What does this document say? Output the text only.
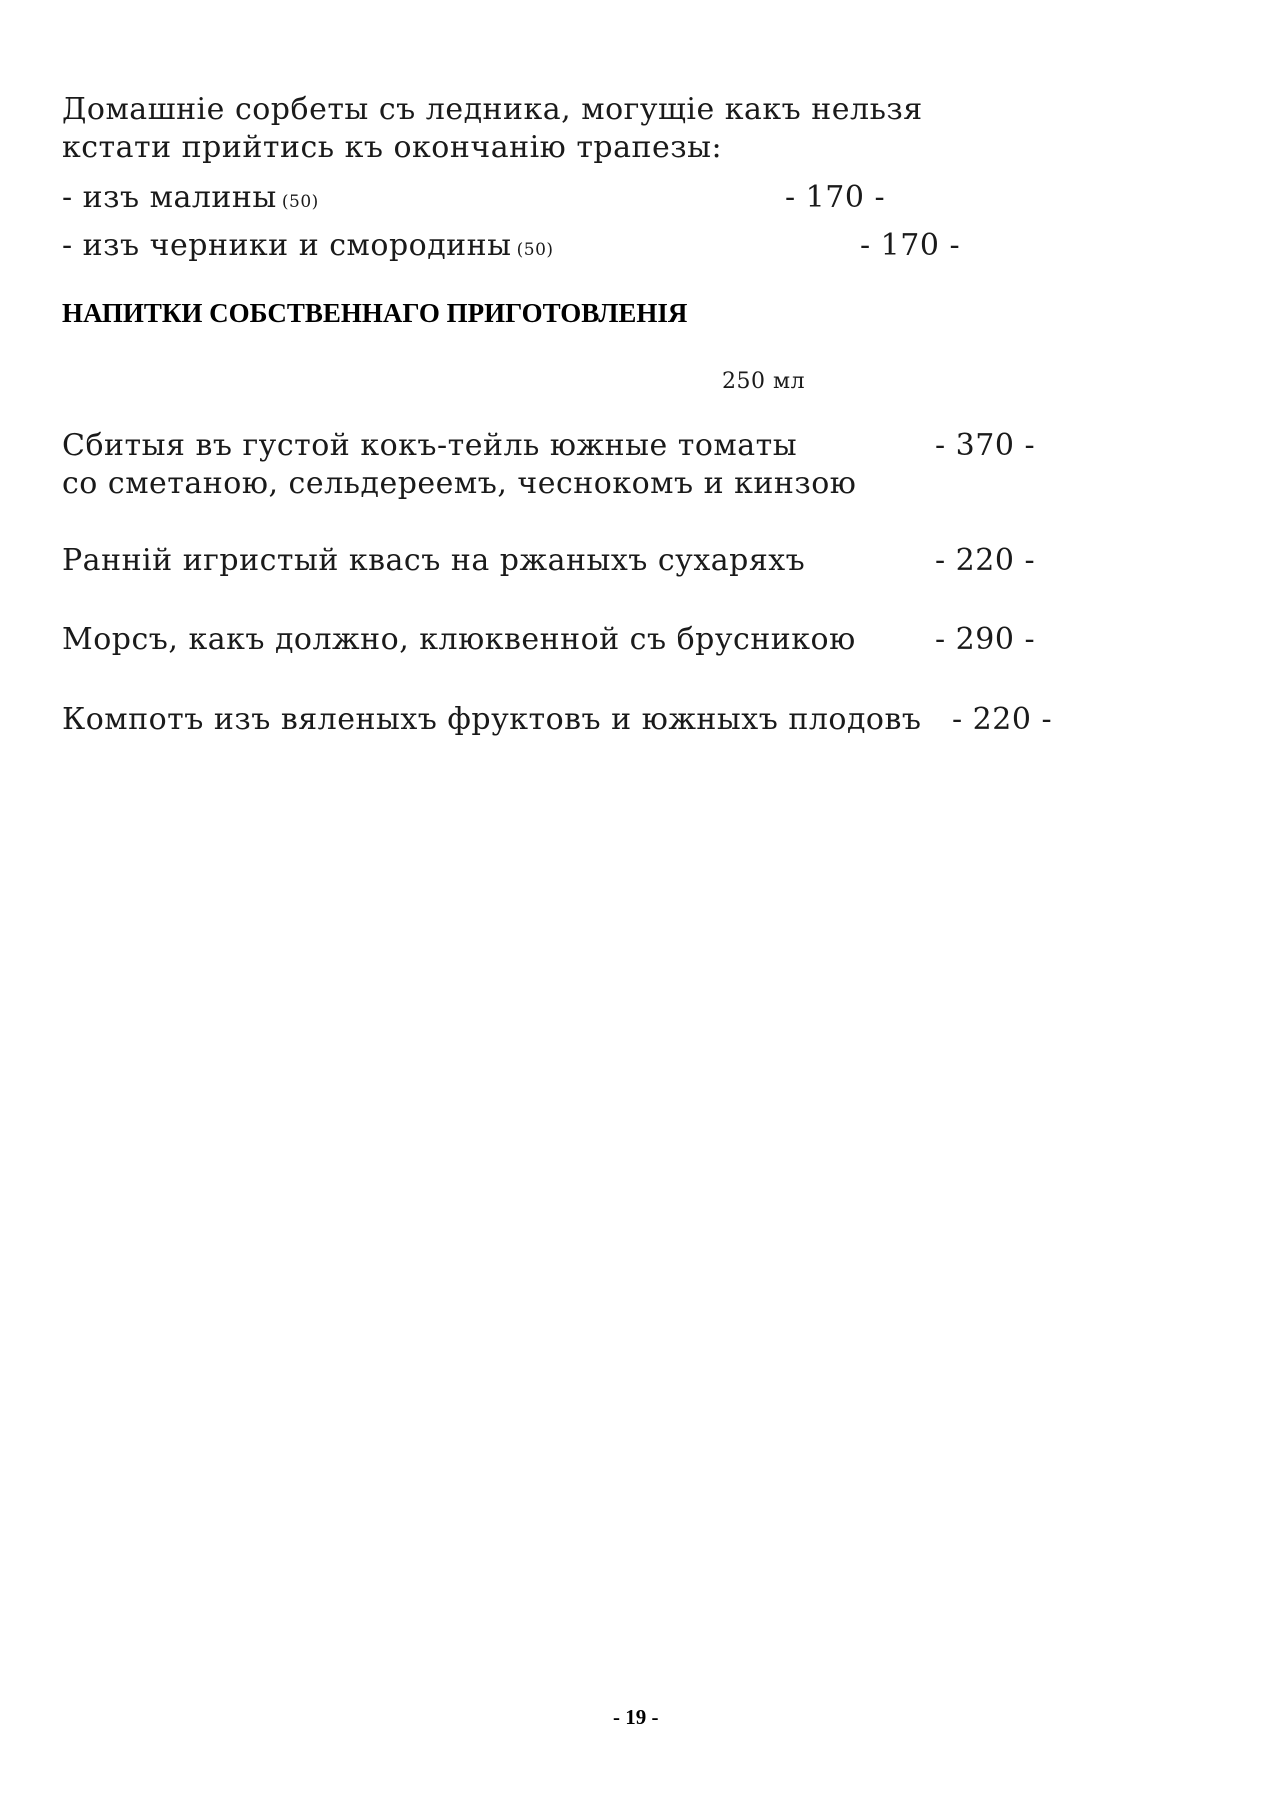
Домашнiе сорбеты съ ледника, могущiе какъ нельзя
кстати прийтись къ окончанiю трапезы:
- изъ малины (50)	- 170 -
- изъ черники и смородины (50)	- 170 -
НАПИТКИ СОБСТВЕННАГО ПРИГОТОВЛЕНIЯ
250 мл
Сбитыя въ густой кокъ-тейль южные томаты	- 370 -
со сметаною, сельдереемъ, чеснокомъ и кинзою
Раннiй игристый квасъ на ржаныхъ сухаряхъ	- 220 -
Морсъ, какъ должно, клюквенной съ брусникою	- 290 -
Компотъ изъ вяленыхъ фруктовъ и южныхъ плодовъ - 220 -
- 19 -
